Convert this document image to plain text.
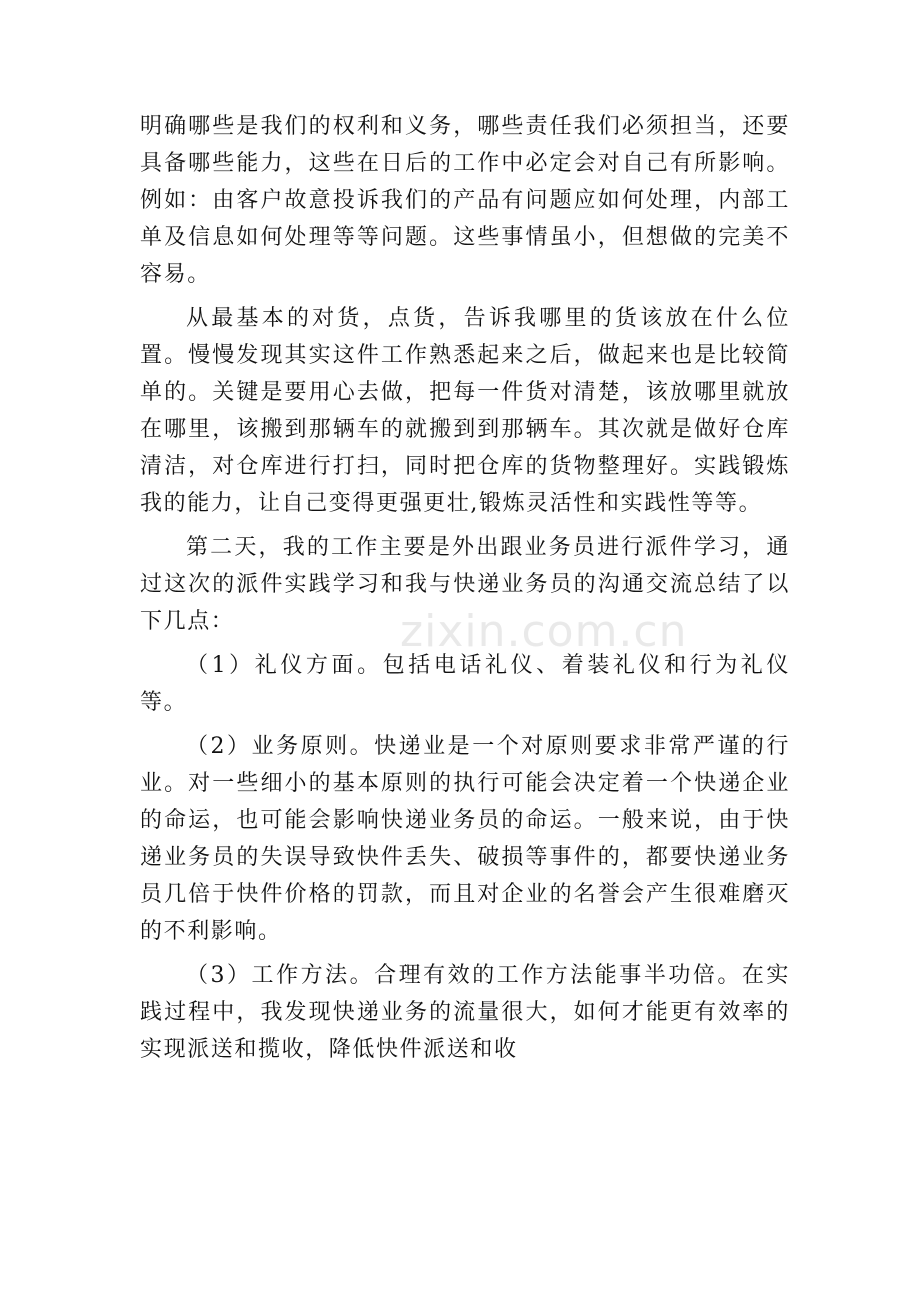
明确哪些是我们的权利和义务，哪些责任我们必须担当，还要具备哪些能力，这些在日后的工作中必定会对自己有所影响。例如：由客户故意投诉我们的产品有问题应如何处理，内部工单及信息如何处理等等问题。这些事情虽小，但想做的完美不容易。

从最基本的对货，点货，告诉我哪里的货该放在什么位置。慢慢发现其实这件工作熟悉起来之后，做起来也是比较简单的。关键是要用心去做，把每一件货对清楚，该放哪里就放在哪里，该搬到那辆车的就搬到到那辆车。其次就是做好仓库清洁，对仓库进行打扫，同时把仓库的货物整理好。实践锻炼我的能力，让自己变得更强更壮,锻炼灵活性和实践性等等。

第二天，我的工作主要是外出跟业务员进行派件学习，通过这次的派件实践学习和我与快递业务员的沟通交流总结了以下几点：

（1）礼仪方面。包括电话礼仪、着装礼仪和行为礼仪等。

（2）业务原则。快递业是一个对原则要求非常严谨的行业。对一些细小的基本原则的执行可能会决定着一个快递企业的命运，也可能会影响快递业务员的命运。一般来说，由于快递业务员的失误导致快件丢失、破损等事件的，都要快递业务员几倍于快件价格的罚款，而且对企业的名誉会产生很难磨灭的不利影响。

（3）工作方法。合理有效的工作方法能事半功倍。在实践过程中，我发现快递业务的流量很大，如何才能更有效率的实现派送和揽收，降低快件派送和收

zixin.com.cn
